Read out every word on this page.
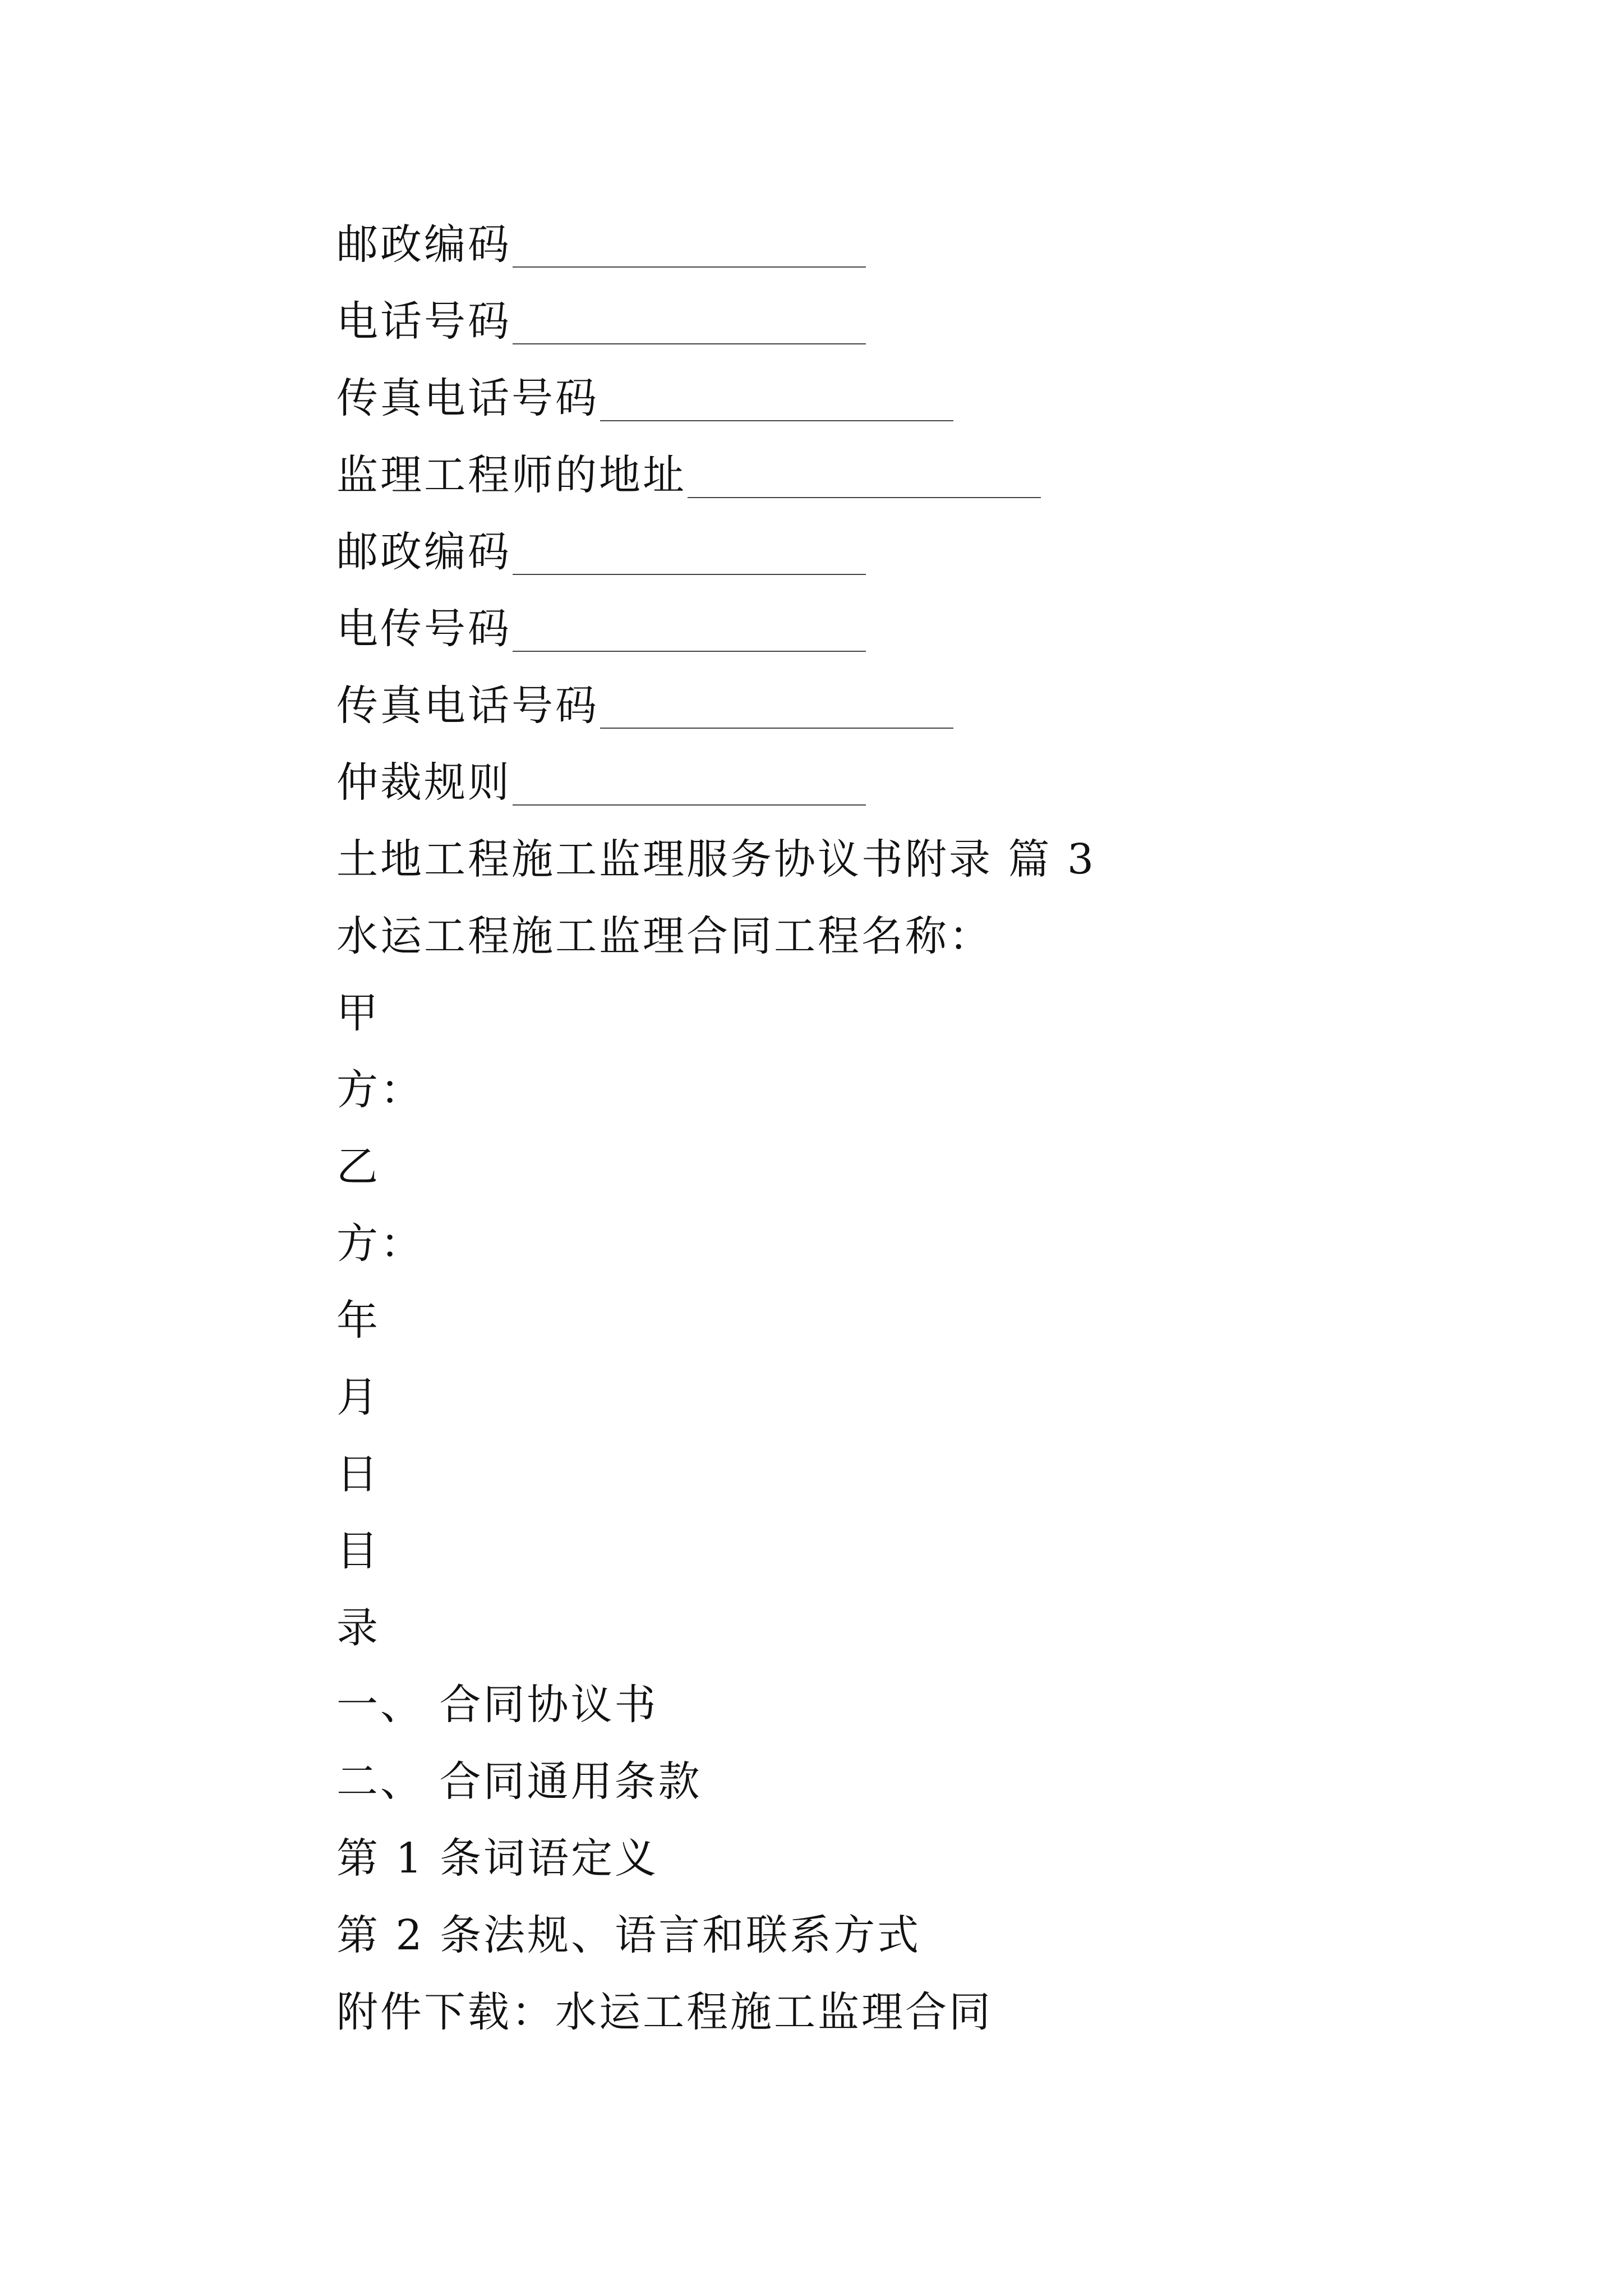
邮政编码
电话号码
传真电话号码
监理工程师的地址
邮政编码
电传号码
传真电话号码
仲裁规则
土地工程施工监理服务协议书附录 篇 3
水运工程施工监理合同工程名称：
甲
方：
乙
方：
年
月
日
目
录
一、 合同协议书
二、 合同通用条款
第 1 条词语定义
第 2 条法规、语言和联系方式
附件下载：水运工程施工监理合同
